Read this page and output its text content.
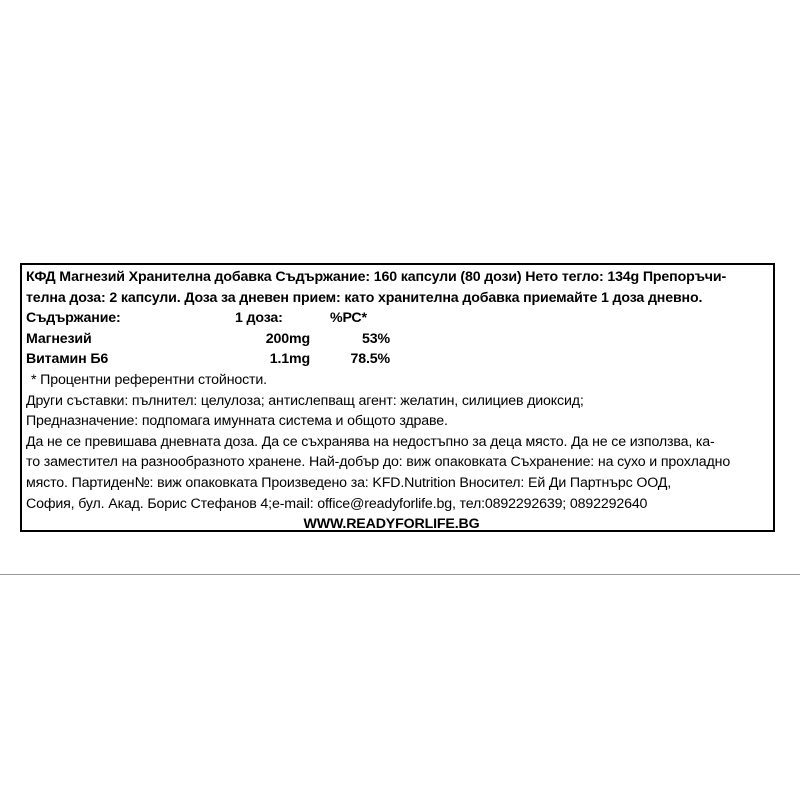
КФД Магнезий Хранителна добавка Съдържание: 160 капсули (80 дози) Нето тегло: 134g Препоръчи-
телна доза: 2 капсули. Доза за дневен прием: като хранителна добавка приемайте 1 доза дневно.
Съдържание:	1 доза:	%РС*
Магнезий	200mg	53%
Витамин Б6	1.1mg	78.5%
* Процентни референтни стойности.
Други съставки: пълнител: целулоза; антислепващ агент: желатин, силициев диоксид;
Предназначение: подпомага имунната система и общото здраве.
Да не се превишава дневната доза. Да се съхранява на недостъпно за деца място. Да не се използва, ка-
то заместител на разнообразното хранене. Най-добър до: виж опаковката Съхранение: на сухо и прохладно
място. Партиден№: виж опаковката Произведено за: KFD.Nutrition Вносител: Ей Ди Партнърс ООД,
София, бул. Акад. Борис Стефанов 4;e-mail: office@readyforlife.bg, тел:0892292639; 0892292640
WWW.READYFORLIFE.BG
